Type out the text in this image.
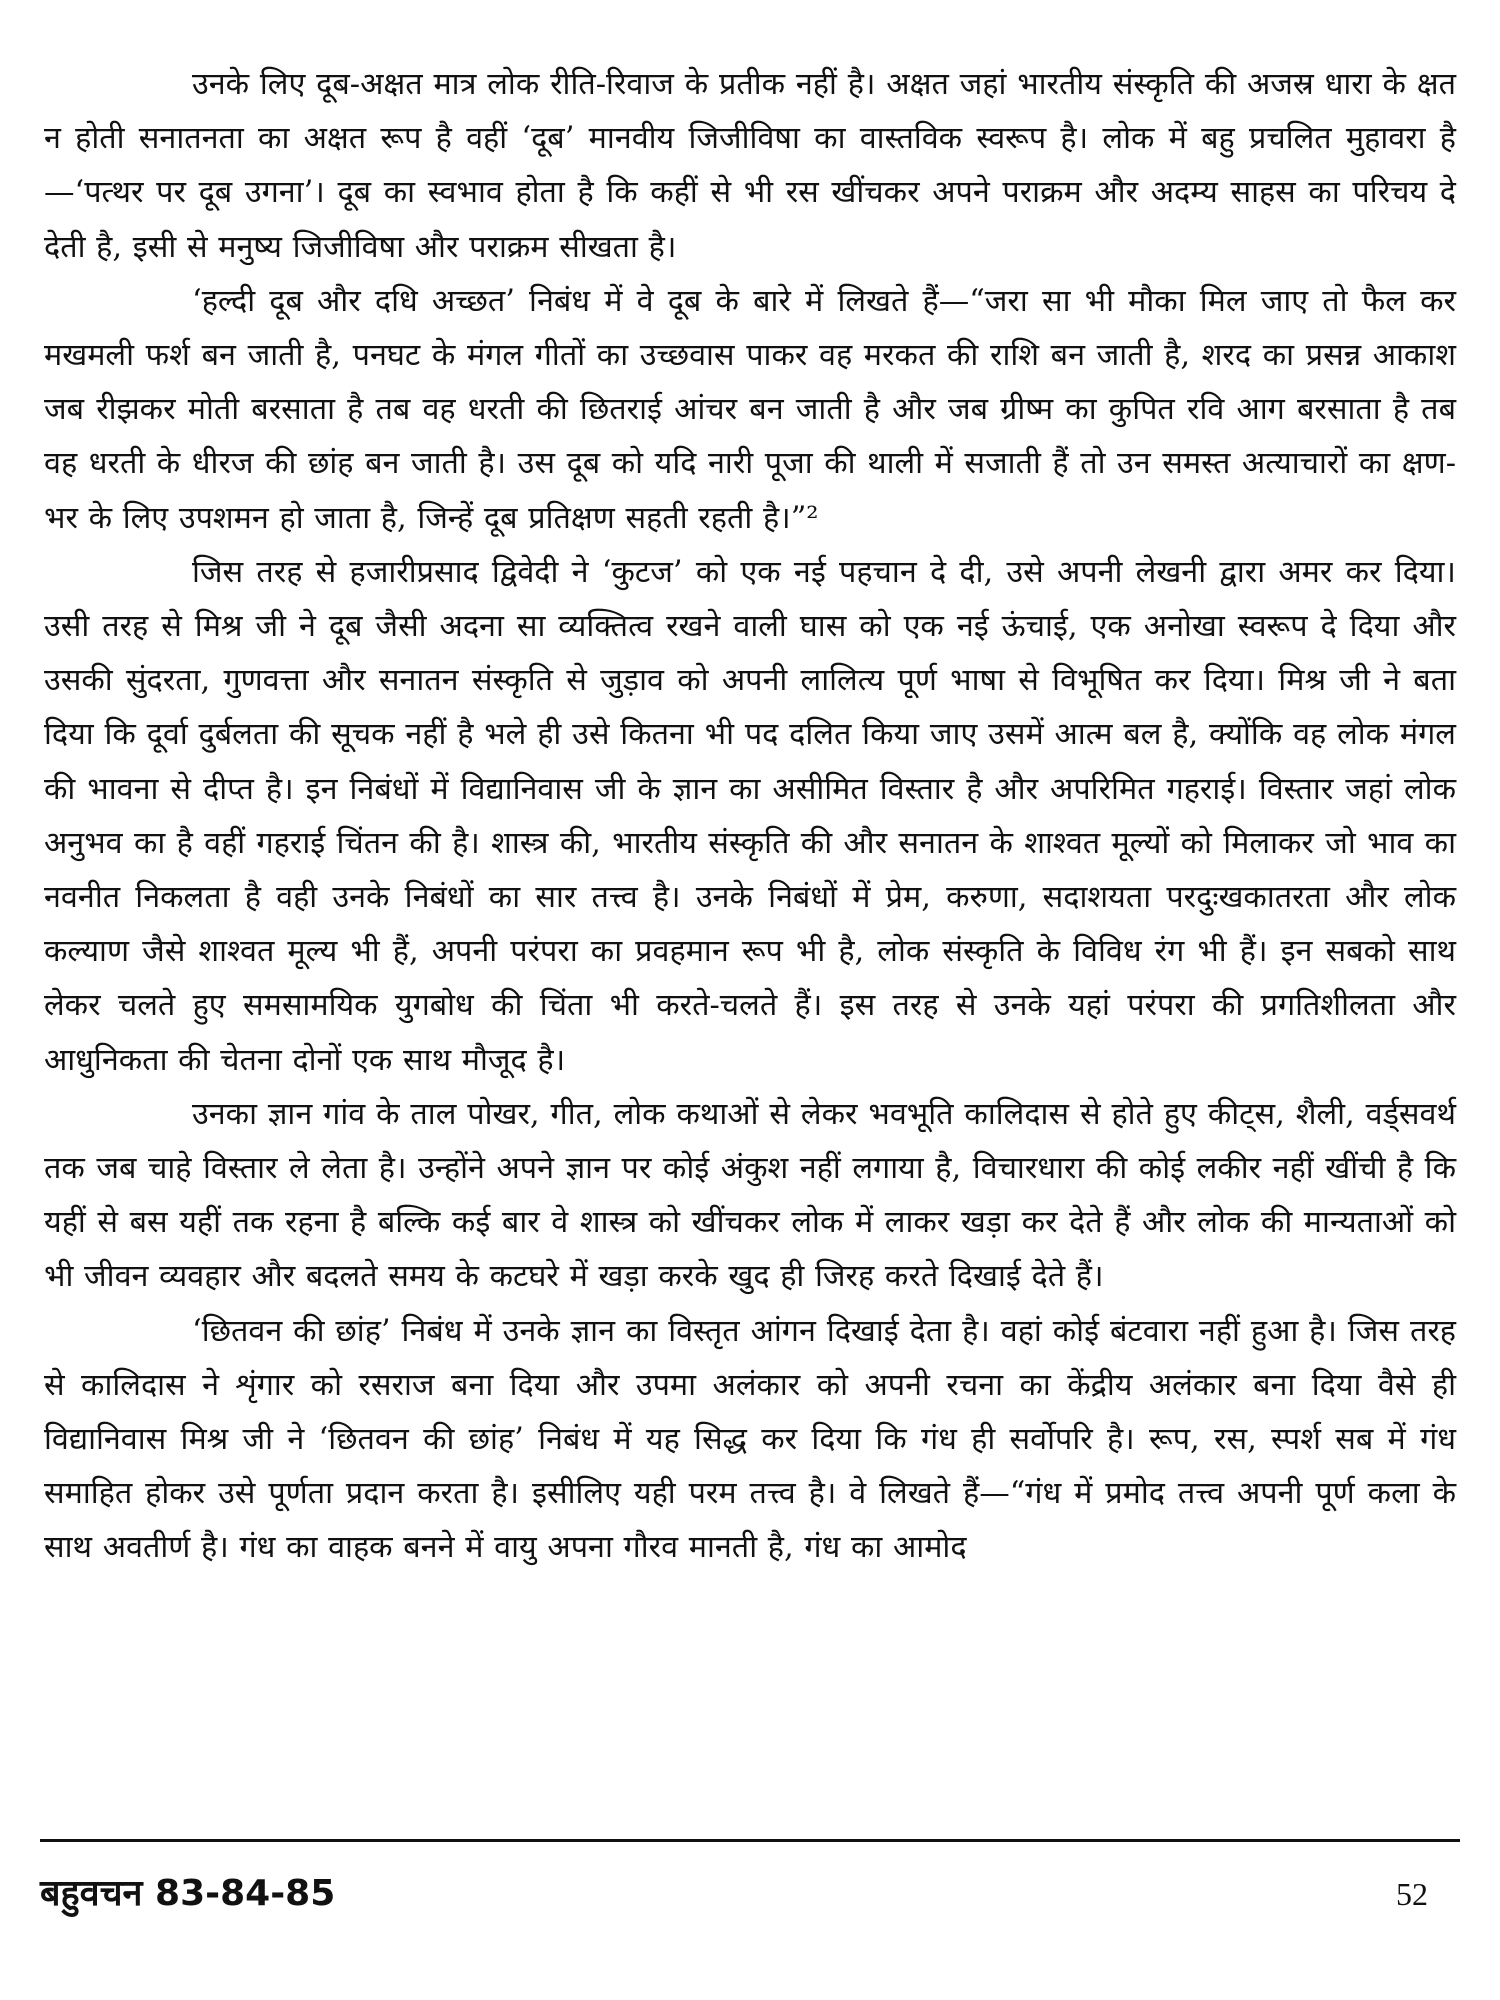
उनके लिए दूब-अक्षत मात्र लोक रीति-रिवाज के प्रतीक नहीं है। अक्षत जहां भारतीय संस्कृति की अजस्र धारा के क्षत न होती सनातनता का अक्षत रूप है वहीं ‘दूब’ मानवीय जिजीविषा का वास्तविक स्वरूप है। लोक में बहु प्रचलित मुहावरा है—‘पत्थर पर दूब उगना’। दूब का स्वभाव होता है कि कहीं से भी रस खींचकर अपने पराक्रम और अदम्य साहस का परिचय दे देती है, इसी से मनुष्य जिजीविषा और पराक्रम सीखता है।

‘हल्दी दूब और दधि अच्छत’ निबंध में वे दूब के बारे में लिखते हैं—“जरा सा भी मौका मिल जाए तो फैल कर मखमली फर्श बन जाती है, पनघट के मंगल गीतों का उच्छवास पाकर वह मरकत की राशि बन जाती है, शरद का प्रसन्न आकाश जब रीझकर मोती बरसाता है तब वह धरती की छितराई आंचर बन जाती है और जब ग्रीष्म का कुपित रवि आग बरसाता है तब वह धरती के धीरज की छांह बन जाती है। उस दूब को यदि नारी पूजा की थाली में सजाती हैं तो उन समस्त अत्याचारों का क्षण-भर के लिए उपशमन हो जाता है, जिन्हें दूब प्रतिक्षण सहती रहती है।”²

जिस तरह से हजारीप्रसाद द्विवेदी ने ‘कुटज’ को एक नई पहचान दे दी, उसे अपनी लेखनी द्वारा अमर कर दिया। उसी तरह से मिश्र जी ने दूब जैसी अदना सा व्यक्तित्व रखने वाली घास को एक नई ऊंचाई, एक अनोखा स्वरूप दे दिया और उसकी सुंदरता, गुणवत्ता और सनातन संस्कृति से जुड़ाव को अपनी लालित्य पूर्ण भाषा से विभूषित कर दिया। मिश्र जी ने बता दिया कि दूर्वा दुर्बलता की सूचक नहीं है भले ही उसे कितना भी पद दलित किया जाए उसमें आत्म बल है, क्योंकि वह लोक मंगल की भावना से दीप्त है। इन निबंधों में विद्यानिवास जी के ज्ञान का असीमित विस्तार है और अपरिमित गहराई। विस्तार जहां लोक अनुभव का है वहीं गहराई चिंतन की है। शास्त्र की, भारतीय संस्कृति की और सनातन के शाश्वत मूल्यों को मिलाकर जो भाव का नवनीत निकलता है वही उनके निबंधों का सार तत्त्व है। उनके निबंधों में प्रेम, करुणा, सदाशयता परदुःखकातरता और लोक कल्याण जैसे शाश्वत मूल्य भी हैं, अपनी परंपरा का प्रवहमान रूप भी है, लोक संस्कृति के विविध रंग भी हैं। इन सबको साथ लेकर चलते हुए समसामयिक युगबोध की चिंता भी करते-चलते हैं। इस तरह से उनके यहां परंपरा की प्रगतिशीलता और आधुनिकता की चेतना दोनों एक साथ मौजूद है।

उनका ज्ञान गांव के ताल पोखर, गीत, लोक कथाओं से लेकर भवभूति कालिदास से होते हुए कीट्स, शैली, वर्ड्सवर्थ तक जब चाहे विस्तार ले लेता है। उन्होंने अपने ज्ञान पर कोई अंकुश नहीं लगाया है, विचारधारा की कोई लकीर नहीं खींची है कि यहीं से बस यहीं तक रहना है बल्कि कई बार वे शास्त्र को खींचकर लोक में लाकर खड़ा कर देते हैं और लोक की मान्यताओं को भी जीवन व्यवहार और बदलते समय के कटघरे में खड़ा करके खुद ही जिरह करते दिखाई देते हैं।

‘छितवन की छांह’ निबंध में उनके ज्ञान का विस्तृत आंगन दिखाई देता है। वहां कोई बंटवारा नहीं हुआ है। जिस तरह से कालिदास ने शृंगार को रसराज बना दिया और उपमा अलंकार को अपनी रचना का केंद्रीय अलंकार बना दिया वैसे ही विद्यानिवास मिश्र जी ने ‘छितवन की छांह’ निबंध में यह सिद्ध कर दिया कि गंध ही सर्वोपरि है। रूप, रस, स्पर्श सब में गंध समाहित होकर उसे पूर्णता प्रदान करता है। इसीलिए यही परम तत्त्व है। वे लिखते हैं—“गंध में प्रमोद तत्त्व अपनी पूर्ण कला के साथ अवतीर्ण है। गंध का वाहक बनने में वायु अपना गौरव मानती है, गंध का आमोद

बहुवचन 83-84-85	52
